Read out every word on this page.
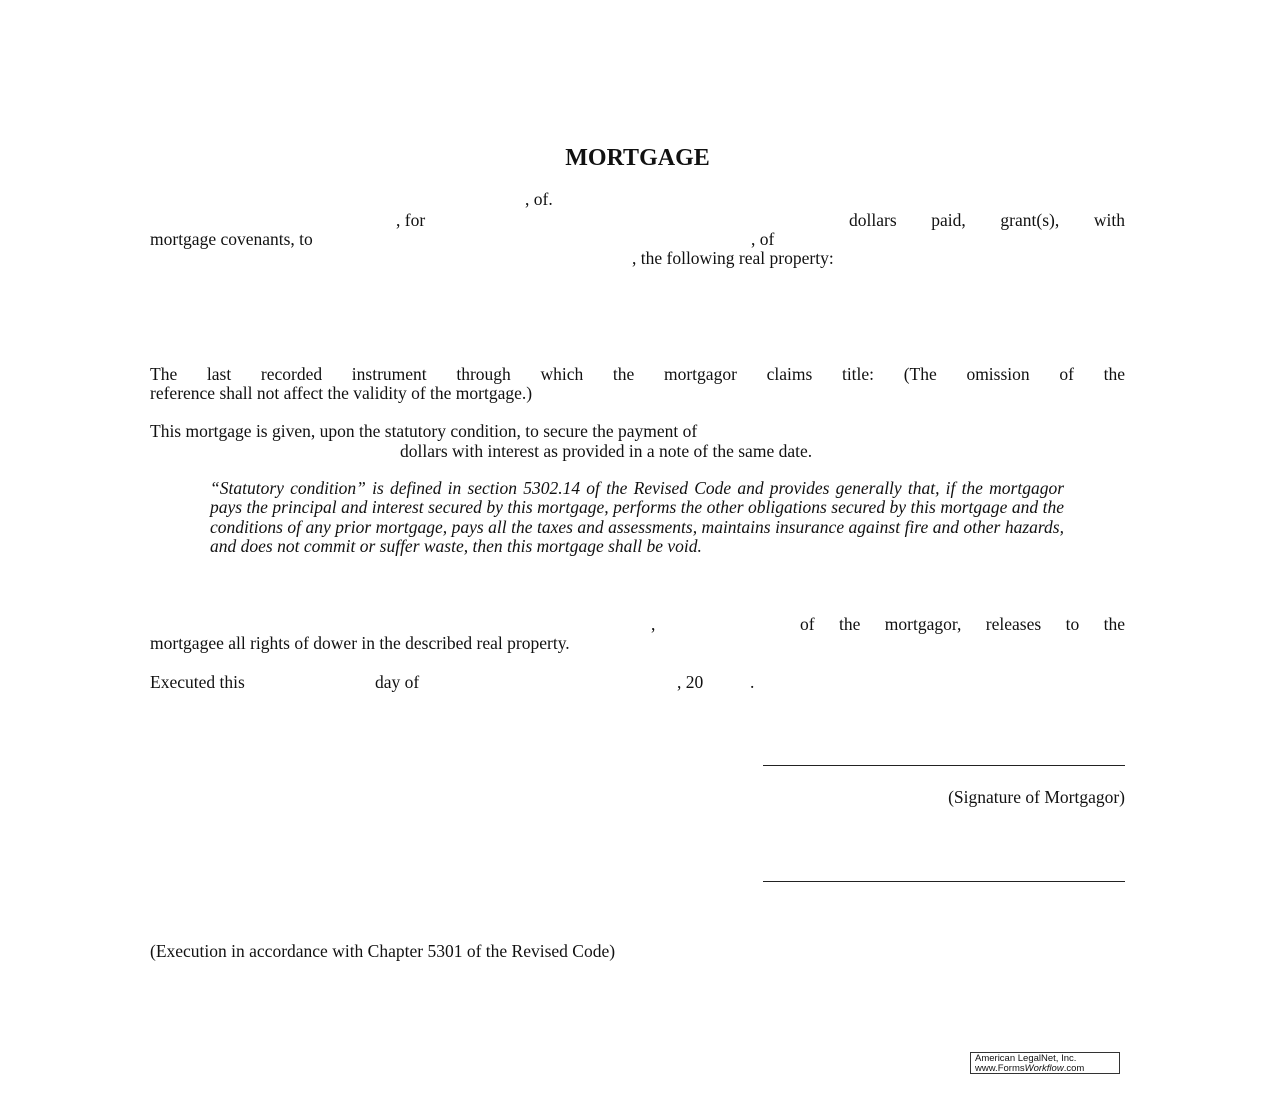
MORTGAGE
, of.
, for	dollars paid, grant(s), with
mortgage covenants, to	, of
, the following real property:
The last recorded instrument through which the mortgagor claims title: (The omission of the
reference shall not affect the validity of the mortgage.)
This mortgage is given, upon the statutory condition, to secure the payment of
dollars with interest as provided in a note of the same date.
“Statutory condition” is defined in section 5302.14 of the Revised Code and provides generally that, if the mortgagor pays the principal and interest secured by this mortgage, performs the other obligations secured by this mortgage and the conditions of any prior mortgage, pays all the taxes and assessments, maintains insurance against fire and other hazards, and does not commit or suffer waste, then this mortgage shall be void.
,	of the mortgagor, releases to the
mortgagee all rights of dower in the described real property.
Executed this	day of	, 20	.
(Signature of Mortgagor)
(Execution in accordance with Chapter 5301 of the Revised Code)
American LegalNet, Inc.
www.FormsWorkflow.com
